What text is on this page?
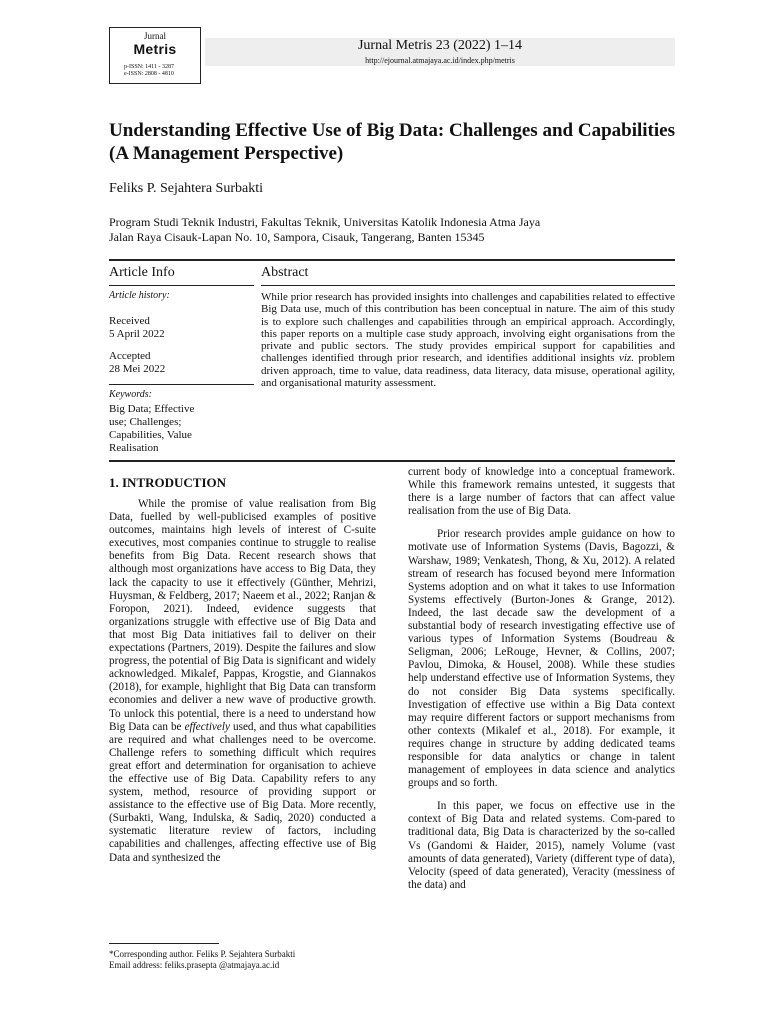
Jurnal
Metris
p-ISSN: 1411 - 3287
e-ISSN: 2808 - 4810
Jurnal Metris 23 (2022) 1–14
http://ejournal.atmajaya.ac.id/index.php/metris
Understanding Effective Use of Big Data: Challenges and Capabilities (A Management Perspective)
Feliks P. Sejahtera Surbakti
Program Studi Teknik Industri, Fakultas Teknik, Universitas Katolik Indonesia Atma Jaya
Jalan Raya Cisauk-Lapan No. 10, Sampora, Cisauk, Tangerang, Banten 15345
Article Info
Article history:
Received
5 April 2022
Accepted
28 Mei 2022
Keywords:
Big Data; Effective
use; Challenges;
Capabilities, Value
Realisation
Abstract
While prior research has provided insights into challenges and capabilities related to effective Big Data use, much of this contribution has been conceptual in nature. The aim of this study is to explore such challenges and capabilities through an empirical approach. Accordingly, this paper reports on a multiple case study approach, involving eight organisations from the private and public sectors. The study provides empirical support for capabilities and challenges identified through prior research, and identifies additional insights viz. problem driven approach, time to value, data readiness, data literacy, data misuse, operational agility, and organisational maturity assessment.
1. INTRODUCTION

While the promise of value realisation from Big Data, fuelled by well-publicised examples of positive outcomes, maintains high levels of interest of C-suite executives, most companies continue to struggle to realise benefits from Big Data. Recent research shows that although most organizations have access to Big Data, they lack the capacity to use it effectively (Günther, Mehrizi, Huysman, & Feldberg, 2017; Naeem et al., 2022; Ranjan & Foropon, 2021). Indeed, evidence suggests that organizations struggle with effective use of Big Data and that most Big Data initiatives fail to deliver on their expectations (Partners, 2019). Despite the failures and slow progress, the potential of Big Data is significant and widely acknowledged. Mikalef, Pappas, Krogstie, and Giannakos (2018), for example, highlight that Big Data can transform economies and deliver a new wave of productive growth. To unlock this potential, there is a need to understand how Big Data can be effectively used, and thus what capabilities are required and what challenges need to be overcome. Challenge refers to something difficult which requires great effort and determination for organisation to achieve the effective use of Big Data. Capability refers to any system, method, resource of providing support or assistance to the effective use of Big Data. More recently, (Surbakti, Wang, Indulska, & Sadiq, 2020) conducted a systematic literature review of factors, including capabilities and challenges, affecting effective use of Big Data and synthesized the

current body of knowledge into a conceptual framework. While this framework remains untested, it suggests that there is a large number of factors that can affect value realisation from the use of Big Data.

Prior research provides ample guidance on how to motivate use of Information Systems (Davis, Bagozzi, & Warshaw, 1989; Venkatesh, Thong, & Xu, 2012). A related stream of research has focused beyond mere Information Systems adoption and on what it takes to use Information Systems effectively (Burton-Jones & Grange, 2012). Indeed, the last decade saw the development of a substantial body of research investigating effective use of various types of Information Systems (Boudreau & Seligman, 2006; LeRouge, Hevner, & Collins, 2007; Pavlou, Dimoka, & Housel, 2008). While these studies help understand effective use of Information Systems, they do not consider Big Data systems specifically. Investigation of effective use within a Big Data context may require different factors or support mechanisms from other contexts (Mikalef et al., 2018). For example, it requires change in structure by adding dedicated teams responsible for data analytics or change in talent management of employees in data science and analytics groups and so forth.

In this paper, we focus on effective use in the context of Big Data and related systems. Com-pared to traditional data, Big Data is characterized by the so-called Vs (Gandomi & Haider, 2015), namely Volume (vast amounts of data generated), Variety (different type of data), Velocity (speed of data generated), Veracity (messiness of the data) and

*Corresponding author. Feliks P. Sejahtera Surbakti
Email address: feliks.prasepta @atmajaya.ac.id
